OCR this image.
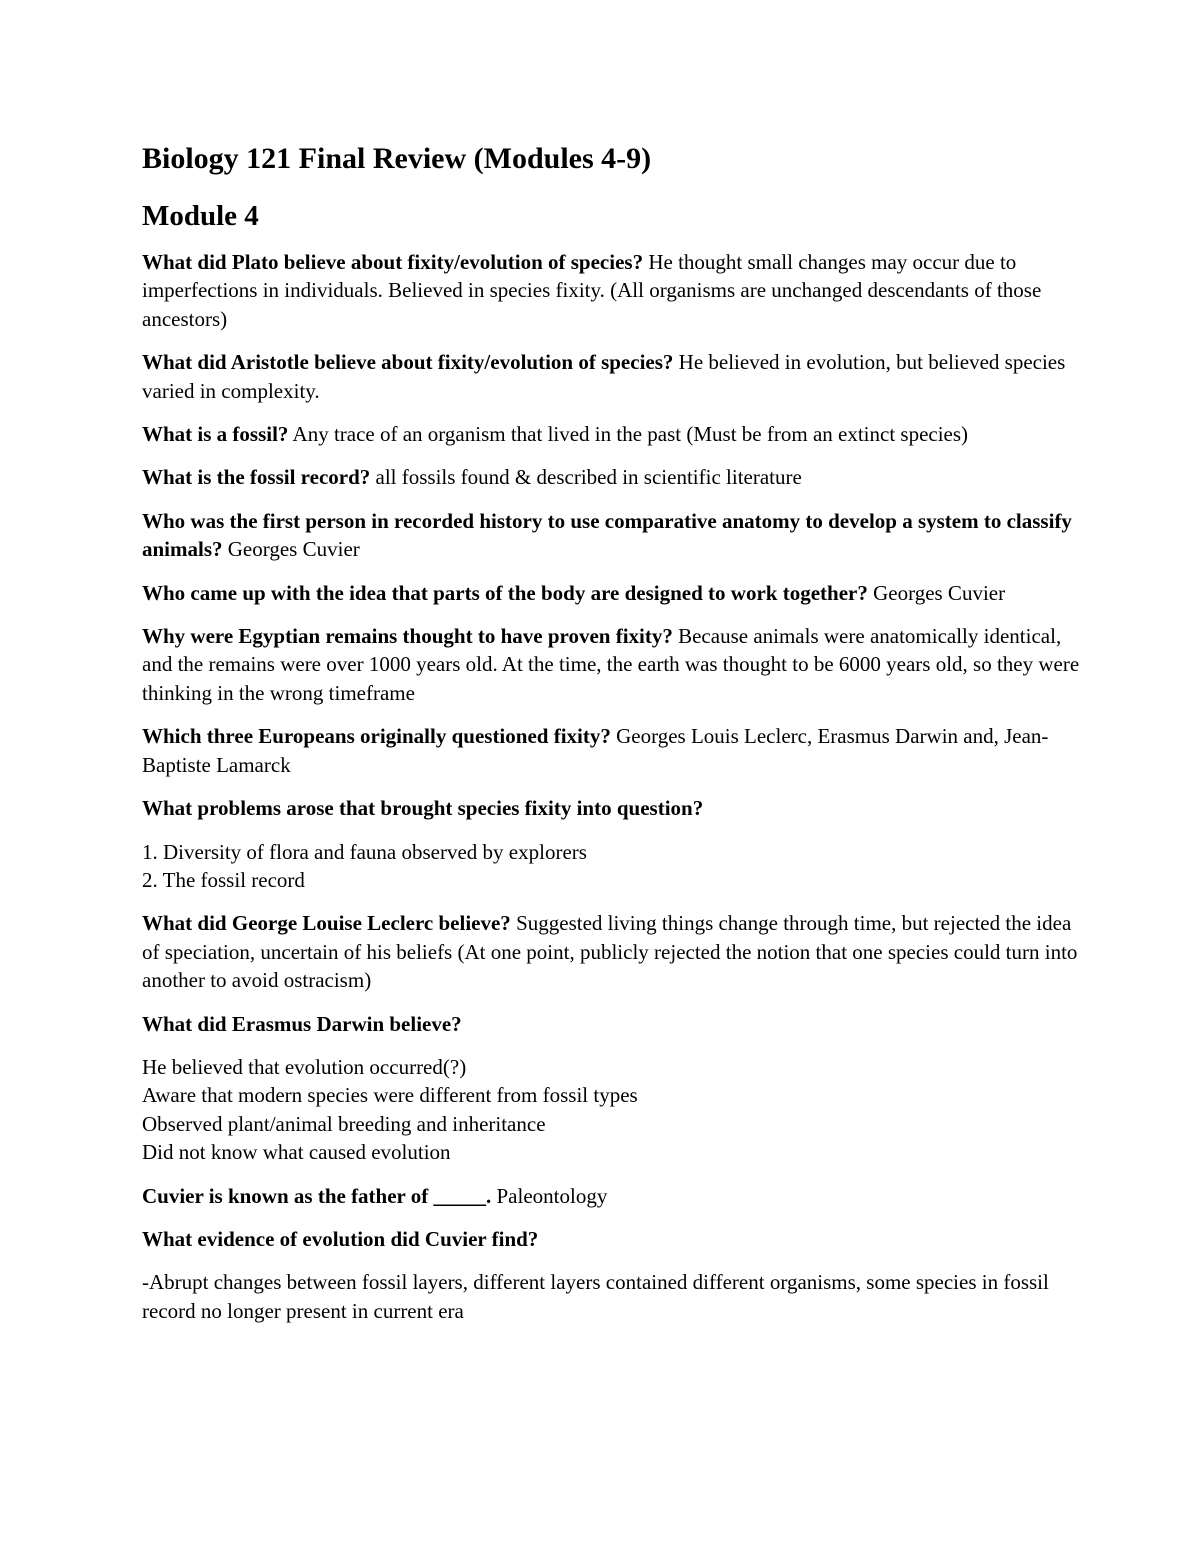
Biology 121 Final Review (Modules 4-9)
Module 4

What did Plato believe about fixity/evolution of species? He thought small changes may occur due to imperfections in individuals. Believed in species fixity. (All organisms are unchanged descendants of those ancestors)

What did Aristotle believe about fixity/evolution of species? He believed in evolution, but believed species varied in complexity.

What is a fossil? Any trace of an organism that lived in the past (Must be from an extinct species)

What is the fossil record? all fossils found & described in scientific literature

Who was the first person in recorded history to use comparative anatomy to develop a system to classify animals? Georges Cuvier

Who came up with the idea that parts of the body are designed to work together? Georges Cuvier

Why were Egyptian remains thought to have proven fixity? Because animals were anatomically identical, and the remains were over 1000 years old. At the time, the earth was thought to be 6000 years old, so they were thinking in the wrong timeframe

Which three Europeans originally questioned fixity? Georges Louis Leclerc, Erasmus Darwin and, Jean-Baptiste Lamarck

What problems arose that brought species fixity into question?

1. Diversity of flora and fauna observed by explorers
2. The fossil record

What did George Louise Leclerc believe? Suggested living things change through time, but rejected the idea of speciation, uncertain of his beliefs (At one point, publicly rejected the notion that one species could turn into another to avoid ostracism)

What did Erasmus Darwin believe?

He believed that evolution occurred(?)
Aware that modern species were different from fossil types
Observed plant/animal breeding and inheritance
Did not know what caused evolution

Cuvier is known as the father of _____. Paleontology

What evidence of evolution did Cuvier find?

-Abrupt changes between fossil layers, different layers contained different organisms, some species in fossil record no longer present in current era
